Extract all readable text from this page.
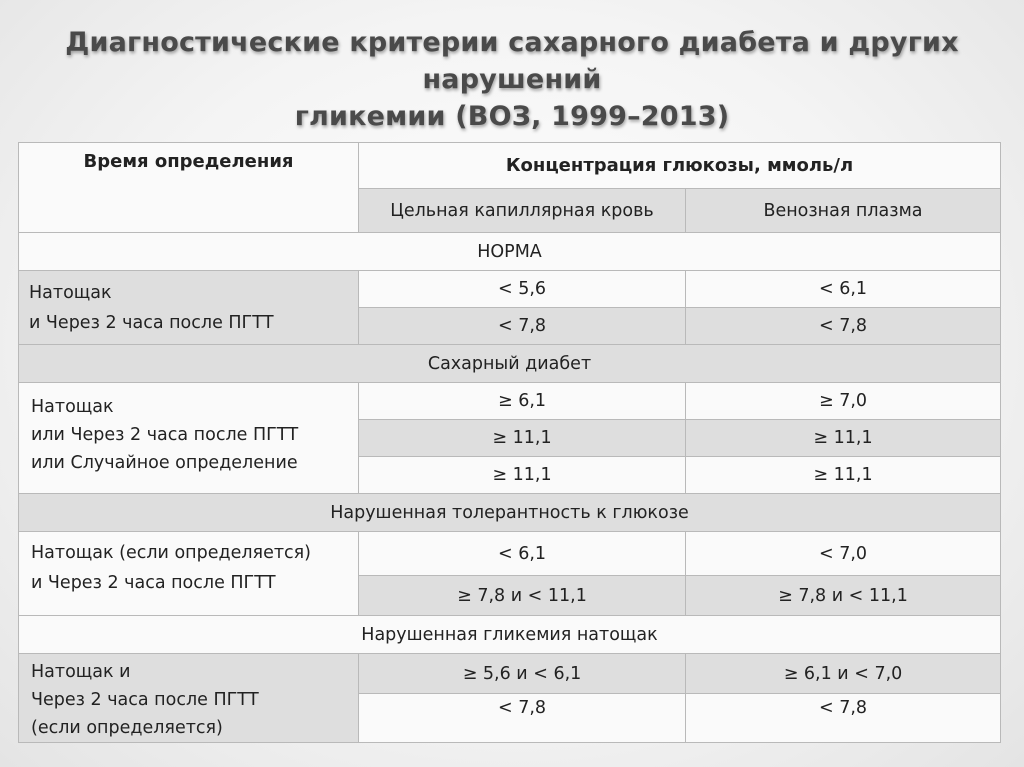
Диагностические критерии сахарного диабета и других нарушений
гликемии (ВОЗ, 1999–2013)
Время определения	Концентрация глюкозы, ммоль/л	
	Цельная капиллярная кровь	Венозная плазма
НОРМА		

Натощак
и Через 2 часа после ПГТТ	< 5,6	< 6,1
	< 7,8	< 7,8
Сахарный диабет		

Натощак
или Через 2 часа после ПГТТ
или Случайное определение	≥ 6,1	≥ 7,0
	≥ 11,1	≥ 11,1
	≥ 11,1	≥ 11,1
Нарушенная толерантность к глюкозе		

Натощак (если определяется)
и Через 2 часа после ПГТТ	< 6,1	< 7,0
	≥ 7,8 и < 11,1	≥ 7,8 и < 11,1
Нарушенная гликемия натощак		

Натощак и
Через 2 часа после ПГТТ
(если определяется)	≥ 5,6 и < 6,1	≥ 6,1 и < 7,0
	< 7,8	< 7,8
